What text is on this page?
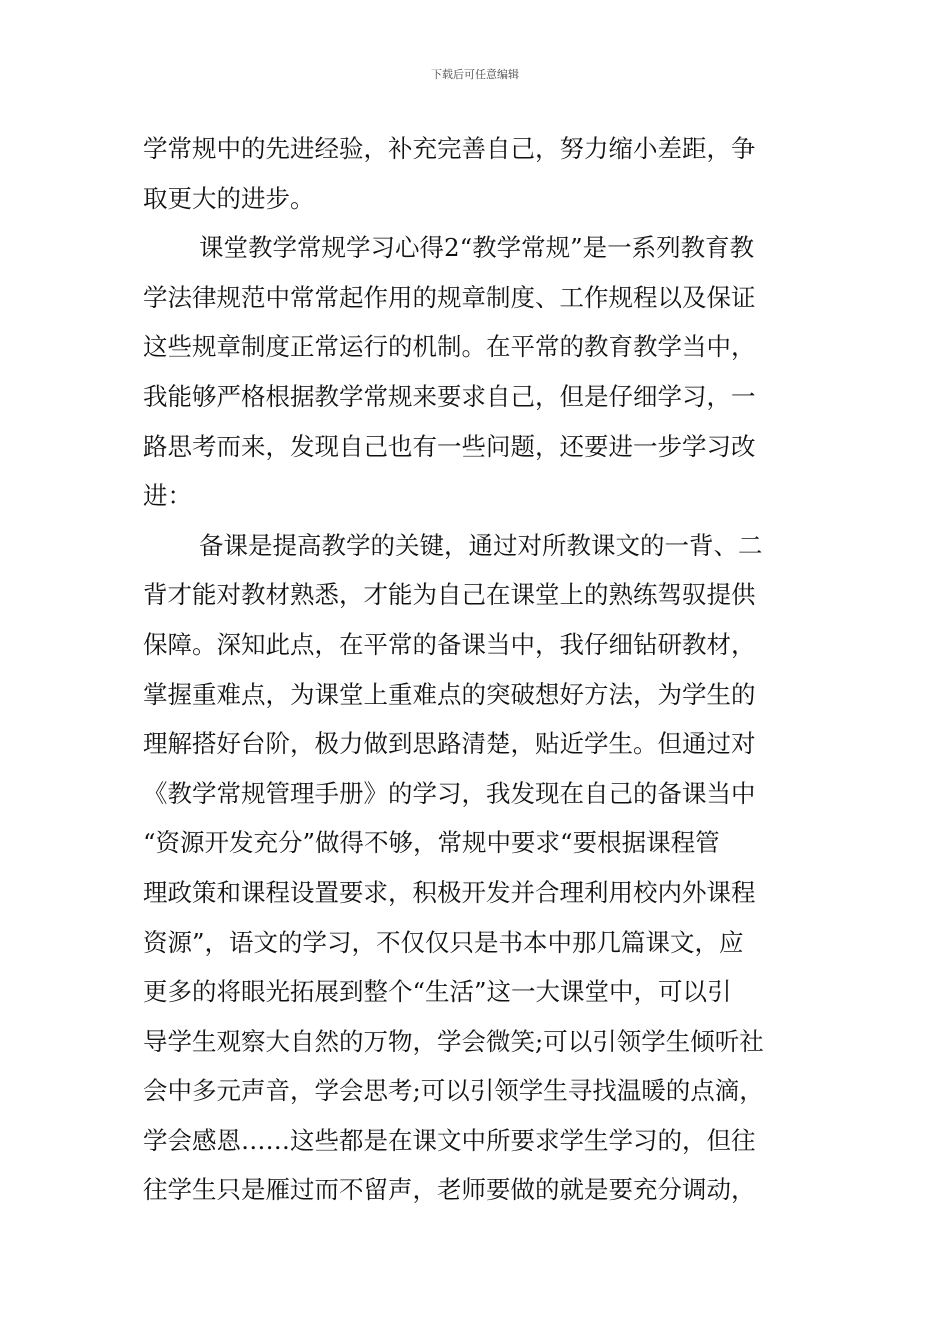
下载后可任意编辑
学常规中的先进经验，补充完善自己，努力缩小差距，争
取更大的进步。
课堂教学常规学习心得2“教学常规”是一系列教育教
学法律规范中常常起作用的规章制度、工作规程以及保证
这些规章制度正常运行的机制。在平常的教育教学当中，
我能够严格根据教学常规来要求自己，但是仔细学习，一
路思考而来，发现自己也有一些问题，还要进一步学习改
进：
备课是提高教学的关键，通过对所教课文的一背、二
背才能对教材熟悉，才能为自己在课堂上的熟练驾驭提供
保障。深知此点，在平常的备课当中，我仔细钻研教材，
掌握重难点，为课堂上重难点的突破想好方法，为学生的
理解搭好台阶，极力做到思路清楚，贴近学生。但通过对
《教学常规管理手册》的学习，我发现在自己的备课当中
“资源开发充分”做得不够，常规中要求“要根据课程管
理政策和课程设置要求，积极开发并合理利用校内外课程
资源”，语文的学习，不仅仅只是书本中那几篇课文，应
更多的将眼光拓展到整个“生活”这一大课堂中，可以引
导学生观察大自然的万物，学会微笑;可以引领学生倾听社
会中多元声音，学会思考;可以引领学生寻找温暖的点滴，
学会感恩……这些都是在课文中所要求学生学习的，但往
往学生只是雁过而不留声，老师要做的就是要充分调动，
